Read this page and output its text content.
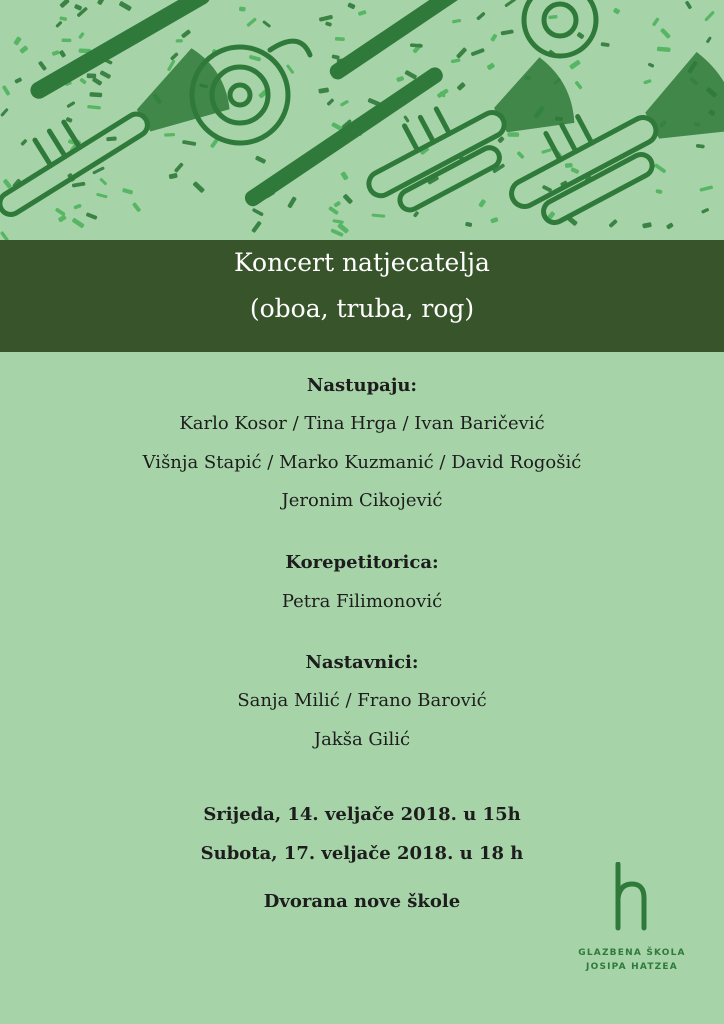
Koncert natjecatelja
(oboa, truba, rog)
Nastupaju:
Karlo Kosor / Tina Hrga / Ivan Baričević
Višnja Stapić / Marko Kuzmanić / David Rogošić
Jeronim Cikojević
Korepetitorica:
Petra Filimonović
Nastavnici:
Sanja Milić / Frano Barović
Jakša Gilić
Srijeda, 14. veljače 2018. u 15h
Subota, 17. veljače 2018. u 18 h
Dvorana nove škole
GLAZBENA ŠKOLA
JOSIPA HATZEA
